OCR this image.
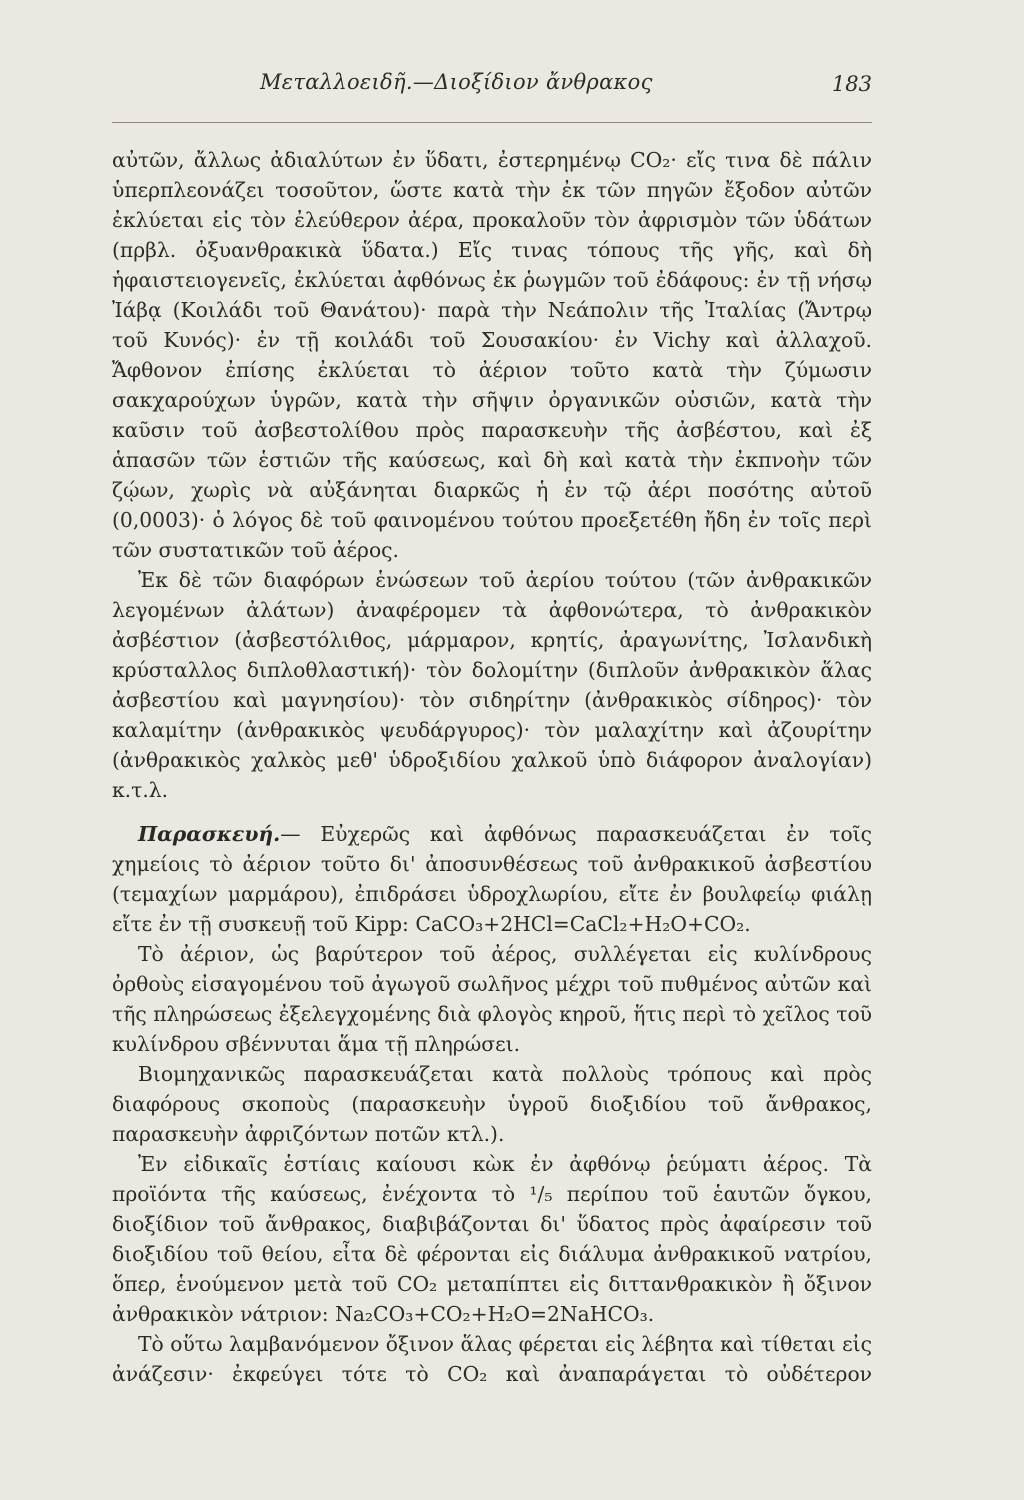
Μεταλλοειδῆ.—Διοξίδιον ἄνθρακος	183

αὐτῶν, ἄλλως ἀδιαλύτων ἐν ὕδατι, ἐστερημένῳ CO₂· εἴς τινα δὲ πάλιν ὑπερπλεονάζει τοσοῦτον, ὥστε κατὰ τὴν ἐκ τῶν πηγῶν ἔξοδον αὐτῶν ἐκλύεται εἰς τὸν ἐλεύθερον ἀέρα, προκαλοῦν τὸν ἀφρισμὸν τῶν ὑδάτων (πρβλ. ὀξυανθρακικὰ ὕδατα.) Εἴς τινας τόπους τῆς γῆς, καὶ δὴ ἡφαιστειογενεῖς, ἐκλύεται ἀφθόνως ἐκ ῥωγμῶν τοῦ ἐδάφους: ἐν τῇ νήσῳ Ἰάβᾳ (Κοιλάδι τοῦ Θανάτου)· παρὰ τὴν Νεάπολιν τῆς Ἰταλίας (Ἄντρῳ τοῦ Κυνός)· ἐν τῇ κοιλάδι τοῦ Σουσακίου· ἐν Vichy καὶ ἀλλαχοῦ. Ἄφθονον ἐπίσης ἐκλύεται τὸ ἀέριον τοῦτο κατὰ τὴν ζύμωσιν σακχαρούχων ὑγρῶν, κατὰ τὴν σῆψιν ὀργανικῶν οὐσιῶν, κατὰ τὴν καῦσιν τοῦ ἀσβεστολίθου πρὸς παρασκευὴν τῆς ἀσβέστου, καὶ ἐξ ἁπασῶν τῶν ἑστιῶν τῆς καύσεως, καὶ δὴ καὶ κατὰ τὴν ἐκπνοὴν τῶν ζῴων, χωρὶς νὰ αὐξάνηται διαρκῶς ἡ ἐν τῷ ἀέρι ποσότης αὐτοῦ (0,0003)· ὁ λόγος δὲ τοῦ φαινομένου τούτου προεξετέθη ἤδη ἐν τοῖς περὶ τῶν συστατικῶν τοῦ ἀέρος.

Ἐκ δὲ τῶν διαφόρων ἑνώσεων τοῦ ἀερίου τούτου (τῶν ἀνθρακικῶν λεγομένων ἀλάτων) ἀναφέρομεν τὰ ἀφθονώτερα, τὸ ἀνθρακικὸν ἀσβέστιον (ἀσβεστόλιθος, μάρμαρον, κρητίς, ἀραγωνίτης, Ἰσλανδικὴ κρύσταλλος διπλοθλαστική)· τὸν δολομίτην (διπλοῦν ἀνθρακικὸν ἅλας ἀσβεστίου καὶ μαγνησίου)· τὸν σιδηρίτην (ἀνθρακικὸς σίδηρος)· τὸν καλαμίτην (ἀνθρακικὸς ψευδάργυρος)· τὸν μαλαχίτην καὶ ἀζουρίτην (ἀνθρακικὸς χαλκὸς μεθ' ὑδροξιδίου χαλκοῦ ὑπὸ διάφορον ἀναλογίαν) κ.τ.λ.

Παρασκευή.— Εὐχερῶς καὶ ἀφθόνως παρασκευάζεται ἐν τοῖς χημείοις τὸ ἀέριον τοῦτο δι' ἀποσυνθέσεως τοῦ ἀνθρακικοῦ ἀσβεστίου (τεμαχίων μαρμάρου), ἐπιδράσει ὑδροχλωρίου, εἴτε ἐν βουλφείῳ φιάλῃ εἴτε ἐν τῇ συσκευῇ τοῦ Kipp: CaCO₃+2HCl=CaCl₂+H₂O+CO₂.

Τὸ ἀέριον, ὡς βαρύτερον τοῦ ἀέρος, συλλέγεται εἰς κυλίνδρους ὀρθοὺς εἰσαγομένου τοῦ ἀγωγοῦ σωλῆνος μέχρι τοῦ πυθμένος αὐτῶν καὶ τῆς πληρώσεως ἐξελεγχομένης διὰ φλογὸς κηροῦ, ἥτις περὶ τὸ χεῖλος τοῦ κυλίνδρου σβέννυται ἅμα τῇ πληρώσει.

Βιομηχανικῶς παρασκευάζεται κατὰ πολλοὺς τρόπους καὶ πρὸς διαφόρους σκοποὺς (παρασκευὴν ὑγροῦ διοξιδίου τοῦ ἄνθρακος, παρασκευὴν ἀφριζόντων ποτῶν κτλ.).

Ἐν εἰδικαῖς ἑστίαις καίουσι κὼκ ἐν ἀφθόνῳ ῥεύματι ἀέρος. Τὰ προϊόντα τῆς καύσεως, ἐνέχοντα τὸ ¹/₅ περίπου τοῦ ἑαυτῶν ὄγκου, διοξίδιον τοῦ ἄνθρακος, διαβιβάζονται δι' ὕδατος πρὸς ἀφαίρεσιν τοῦ διοξιδίου τοῦ θείου, εἶτα δὲ φέρονται εἰς διάλυμα ἀνθρακικοῦ νατρίου, ὅπερ, ἑνούμενον μετὰ τοῦ CO₂ μεταπίπτει εἰς διττανθρακικὸν ἢ ὄξινον ἀνθρακικὸν νάτριον: Na₂CO₃+CO₂+H₂O=2NaHCO₃.

Τὸ οὕτω λαμβανόμενον ὄξινον ἅλας φέρεται εἰς λέβητα καὶ τίθεται εἰς ἀνάζεσιν· ἐκφεύγει τότε τὸ CO₂ καὶ ἀναπαράγεται τὸ οὐδέτερον
